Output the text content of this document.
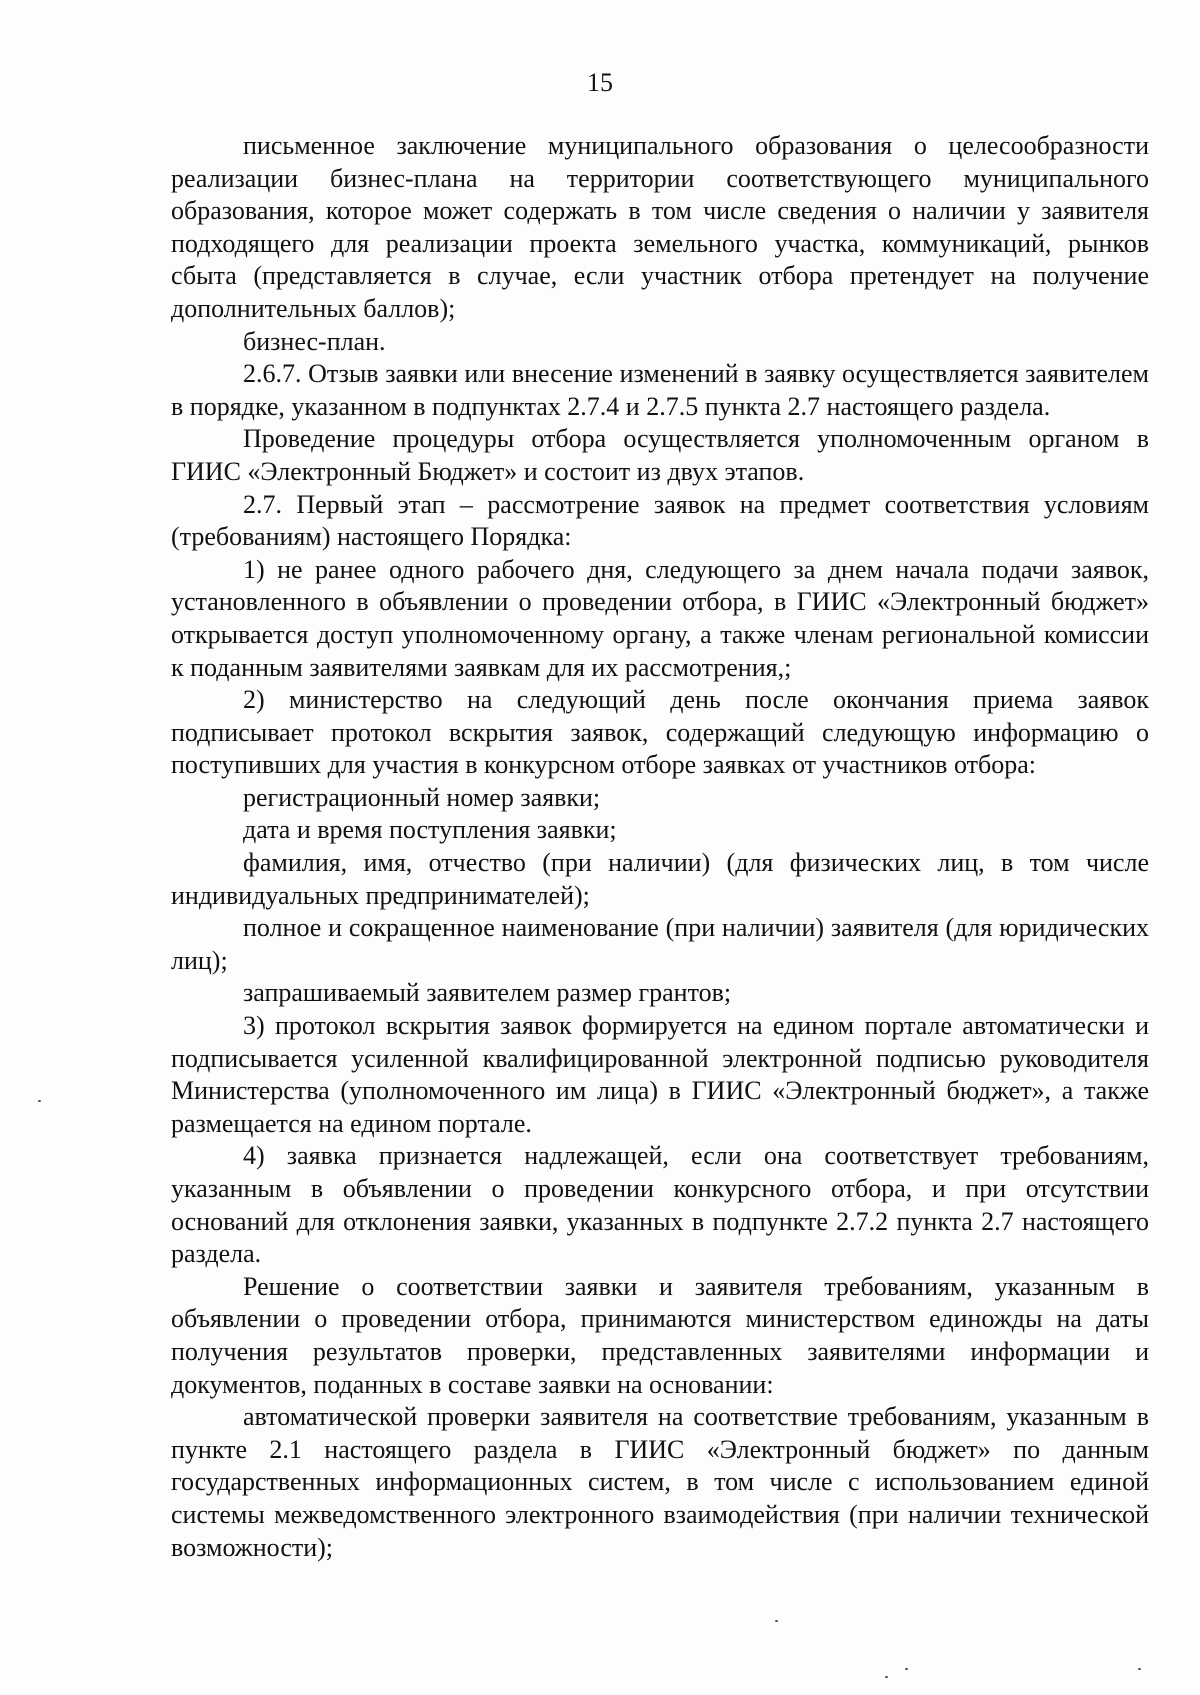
15

письменное заключение муниципального образования о целесообразности реализации бизнес-плана на территории соответствующего муниципального образования, которое может содержать в том числе сведения о наличии у заявителя подходящего для реализации проекта земельного участка, коммуникаций, рынков сбыта (представляется в случае, если участник отбора претендует на получение дополнительных баллов);

бизнес-план.

2.6.7. Отзыв заявки или внесение изменений в заявку осуществляется заявителем в порядке, указанном в подпунктах 2.7.4 и 2.7.5 пункта 2.7 настоящего раздела.

Проведение процедуры отбора осуществляется уполномоченным органом в ГИИС «Электронный Бюджет» и состоит из двух этапов.

2.7. Первый этап – рассмотрение заявок на предмет соответствия условиям (требованиям) настоящего Порядка:

1) не ранее одного рабочего дня, следующего за днем начала подачи заявок, установленного в объявлении о проведении отбора, в ГИИС «Электронный бюджет» открывается доступ уполномоченному органу, а также членам региональной комиссии к поданным заявителями заявкам для их рассмотрения,;

2) министерство на следующий день после окончания приема заявок подписывает протокол вскрытия заявок, содержащий следующую информацию о поступивших для участия в конкурсном отборе заявках от участников отбора:

регистрационный номер заявки;

дата и время поступления заявки;

фамилия, имя, отчество (при наличии) (для физических лиц, в том числе индивидуальных предпринимателей);

полное и сокращенное наименование (при наличии) заявителя (для юридических лиц);

запрашиваемый заявителем размер грантов;

3) протокол вскрытия заявок формируется на едином портале автоматически и подписывается усиленной квалифицированной электронной подписью руководителя Министерства (уполномоченного им лица) в ГИИС «Электронный бюджет», а также размещается на едином портале.

4) заявка признается надлежащей, если она соответствует требованиям, указанным в объявлении о проведении конкурсного отбора, и при отсутствии оснований для отклонения заявки, указанных в подпункте 2.7.2 пункта 2.7 настоящего раздела.

Решение о соответствии заявки и заявителя требованиям, указанным в объявлении о проведении отбора, принимаются министерством единожды на даты получения результатов проверки, представленных заявителями информации и документов, поданных в составе заявки на основании:

автоматической проверки заявителя на соответствие требованиям, указанным в пункте 2.1 настоящего раздела в ГИИС «Электронный бюджет» по данным государственных информационных систем, в том числе с использованием единой системы межведомственного электронного взаимодействия (при наличии технической возможности);
